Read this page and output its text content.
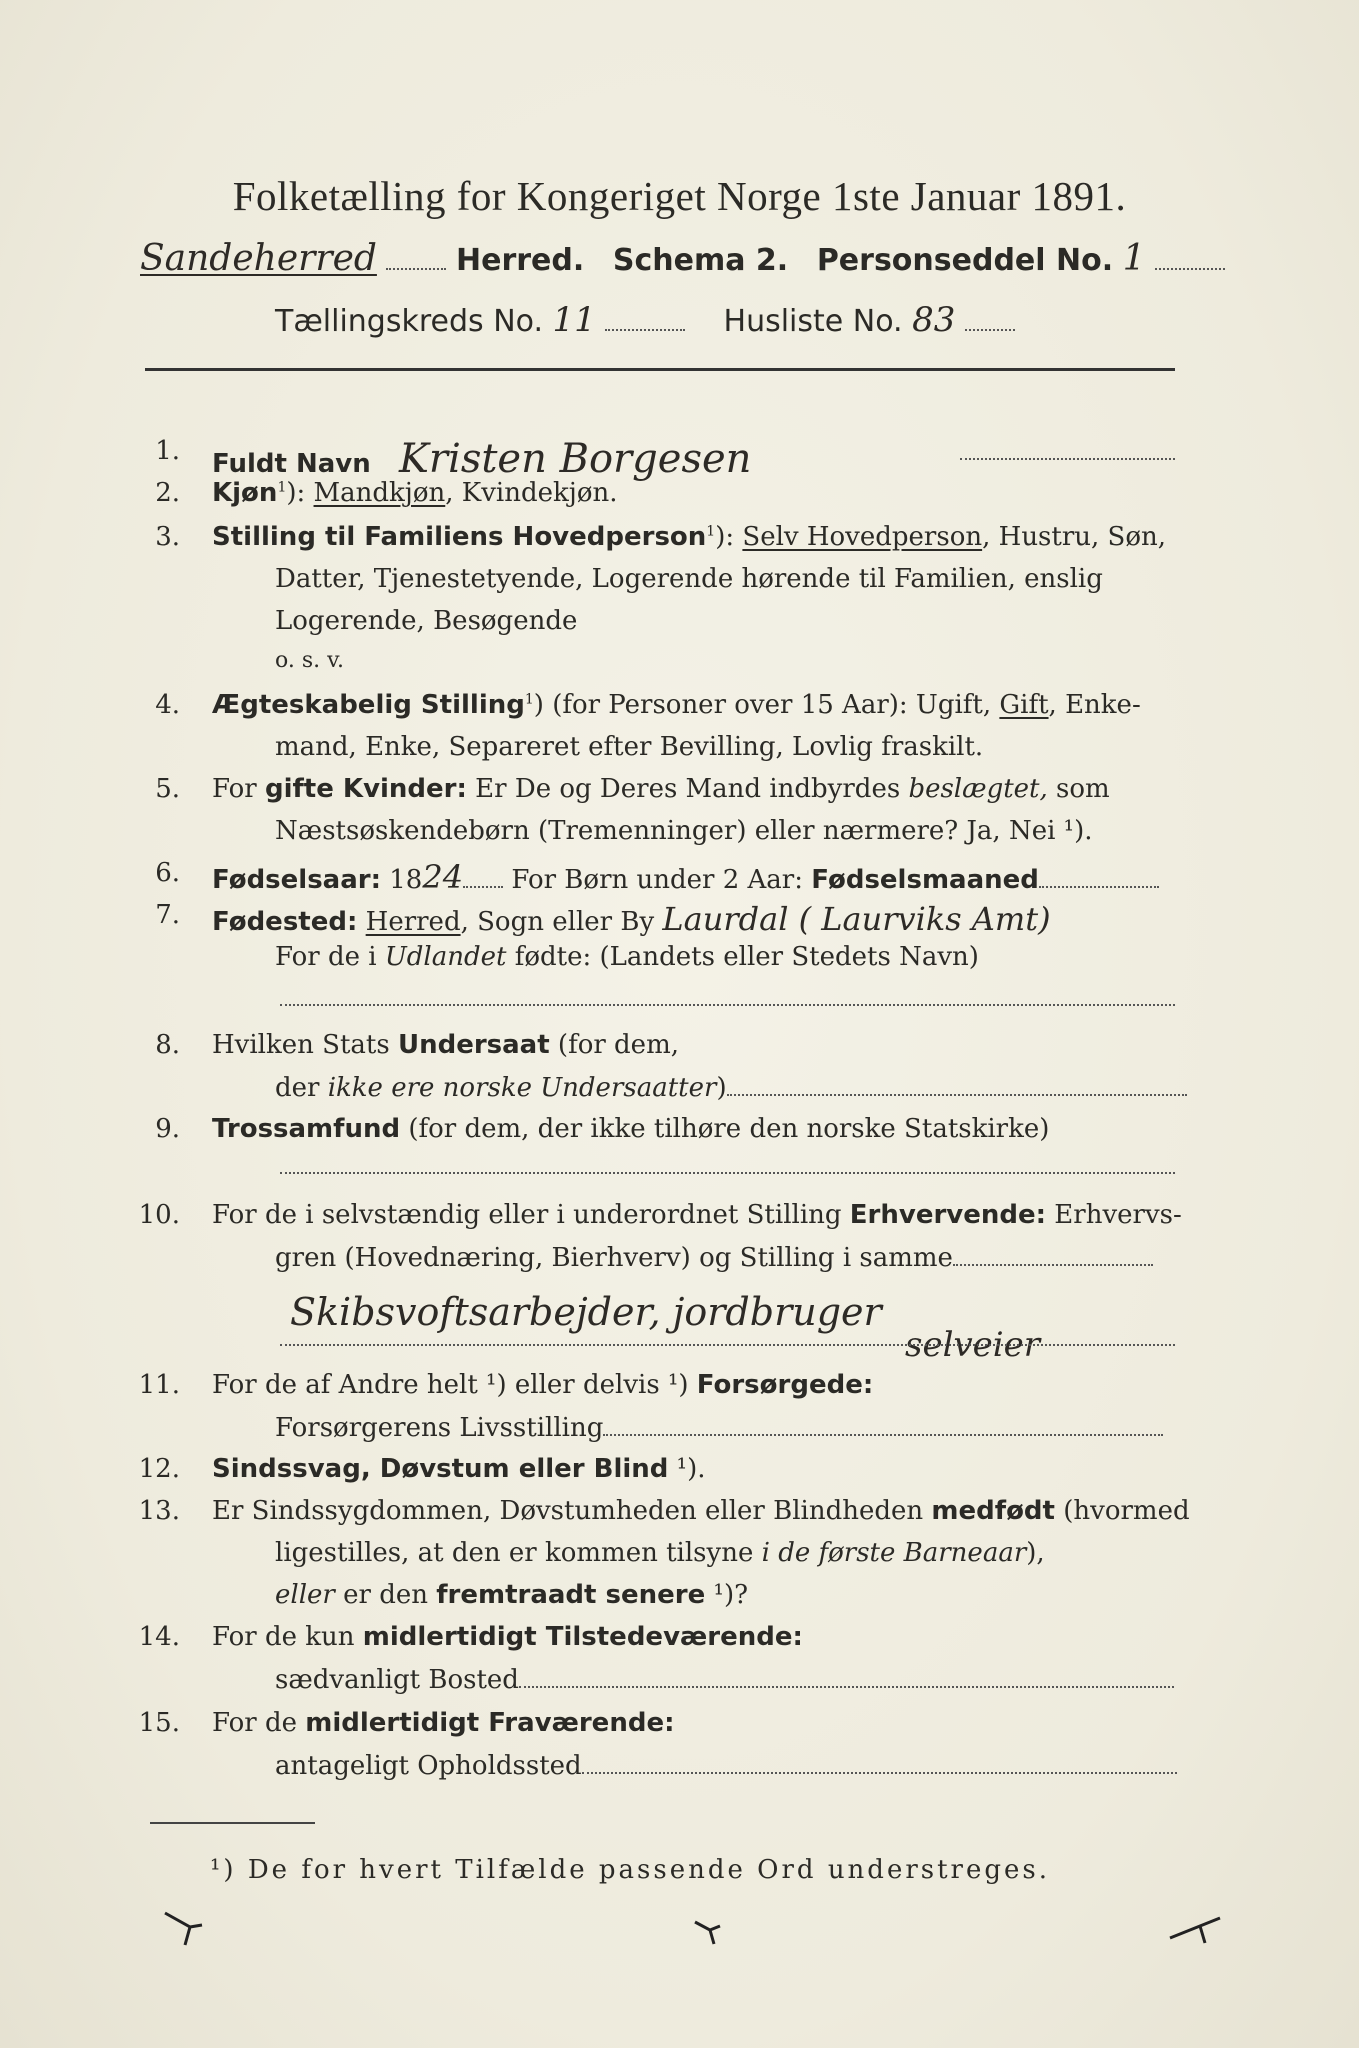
Folketælling for Kongeriget Norge 1ste Januar 1891.
Sandeherred	Herred. Schema 2. Personseddel No. 1
Tællingskreds No. 11	Husliste No. 83
1. Fuldt Navn Kristen Borgesen
2. Kjøn$^1$): Mandkjøn, Kvindekjøn.
3. Stilling til Familiens Hovedperson$^1$): Selv Hovedperson, Hustru, Søn,
Datter, Tjenestetyende, Logerende hørende til Familien, enslig
Logerende, Besøgende
o. s. v.
4. Ægteskabelig Stilling$^1$) (for Personer over 15 Aar): Ugift, Gift, Enke-
mand, Enke, Separeret efter Bevilling, Lovlig fraskilt.
5. For gifte Kvinder: Er De og Deres Mand indbyrdes beslægtet, som
Næstsøskendebørn (Tremenninger) eller nærmere? Ja, Nei ¹).
6. Fødselsaar: 1824 For Børn under 2 Aar: Fødselsmaaned
7. Fødested: Herred, Sogn eller By Laurdal ( Laurviks Amt)
For de i Udlandet fødte: (Landets eller Stedets Navn)
8. Hvilken Stats Undersaat (for dem,
der ikke ere norske Undersaatter)
9. Trossamfund (for dem, der ikke tilhøre den norske Statskirke)
10. For de i selvstændig eller i underordnet Stilling Erhvervende: Erhvervs-
gren (Hovednæring, Bierhverv) og Stilling i samme
Skibsvoftsarbejder, jordbruger
selveier
11. For de af Andre helt ¹) eller delvis ¹) Forsørgede:
Forsørgerens Livsstilling
12. Sindssvag, Døvstum eller Blind ¹).
13. Er Sindssygdommen, Døvstumheden eller Blindheden medfødt (hvormed
ligestilles, at den er kommen tilsyne i de første Barneaar),
eller er den fremtraadt senere ¹)?
14. For de kun midlertidigt Tilstedeværende:
sædvanligt Bosted
15. For de midlertidigt Fraværende:
antageligt Opholdssted
¹) De for hvert Tilfælde passende Ord understreges.
